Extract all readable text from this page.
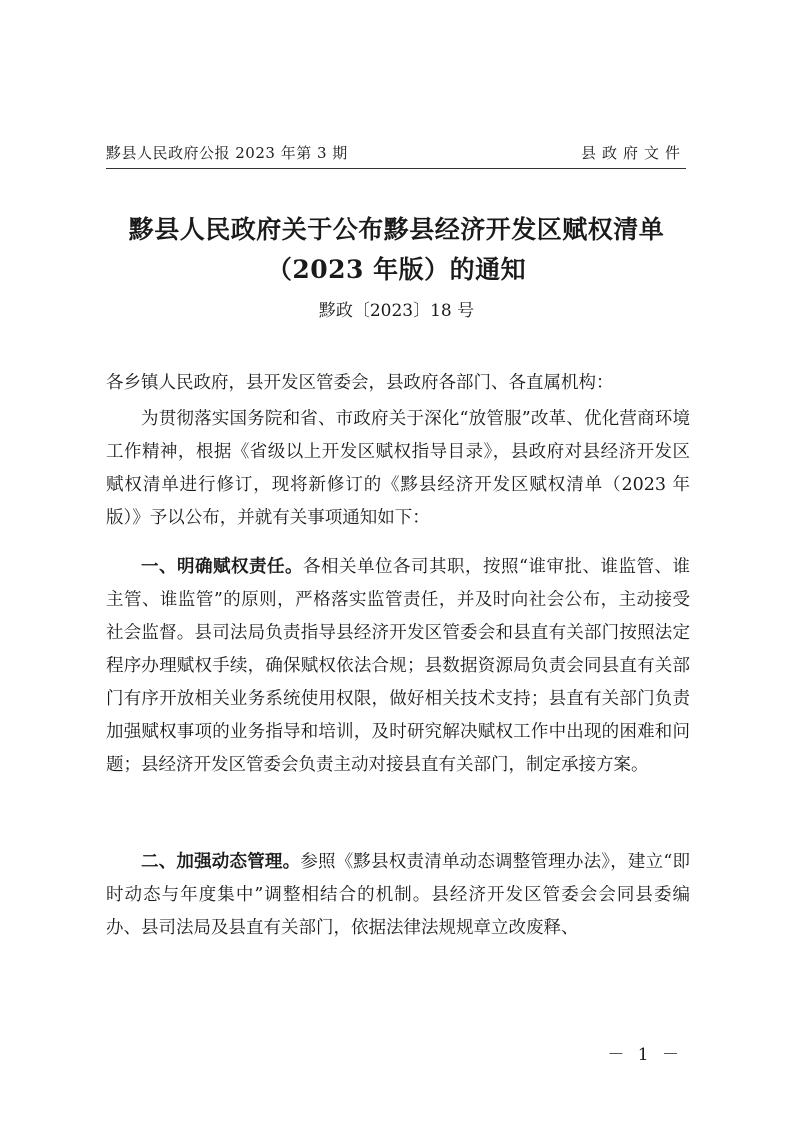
黟县人民政府公报 2023 年第 3 期	县政府文件
黟县人民政府关于公布黟县经济开发区赋权清单
（2023 年版）的通知
黟政〔2023〕18 号
各乡镇人民政府，县开发区管委会，县政府各部门、各直属机构：
为贯彻落实国务院和省、市政府关于深化“放管服”改革、优化营商环境工作精神，根据《省级以上开发区赋权指导目录》，县政府对县经济开发区赋权清单进行修订，现将新修订的《黟县经济开发区赋权清单（2023 年版）》予以公布，并就有关事项通知如下：
一、明确赋权责任。各相关单位各司其职，按照“谁审批、谁监管、谁主管、谁监管”的原则，严格落实监管责任，并及时向社会公布，主动接受社会监督。县司法局负责指导县经济开发区管委会和县直有关部门按照法定程序办理赋权手续，确保赋权依法合规；县数据资源局负责会同县直有关部门有序开放相关业务系统使用权限，做好相关技术支持；县直有关部门负责加强赋权事项的业务指导和培训，及时研究解决赋权工作中出现的困难和问题；县经济开发区管委会负责主动对接县直有关部门，制定承接方案。
二、加强动态管理。参照《黟县权责清单动态调整管理办法》，建立“即时动态与年度集中”调整相结合的机制。县经济开发区管委会会同县委编办、县司法局及县直有关部门，依据法律法规规章立改废释、
－ 1 －
